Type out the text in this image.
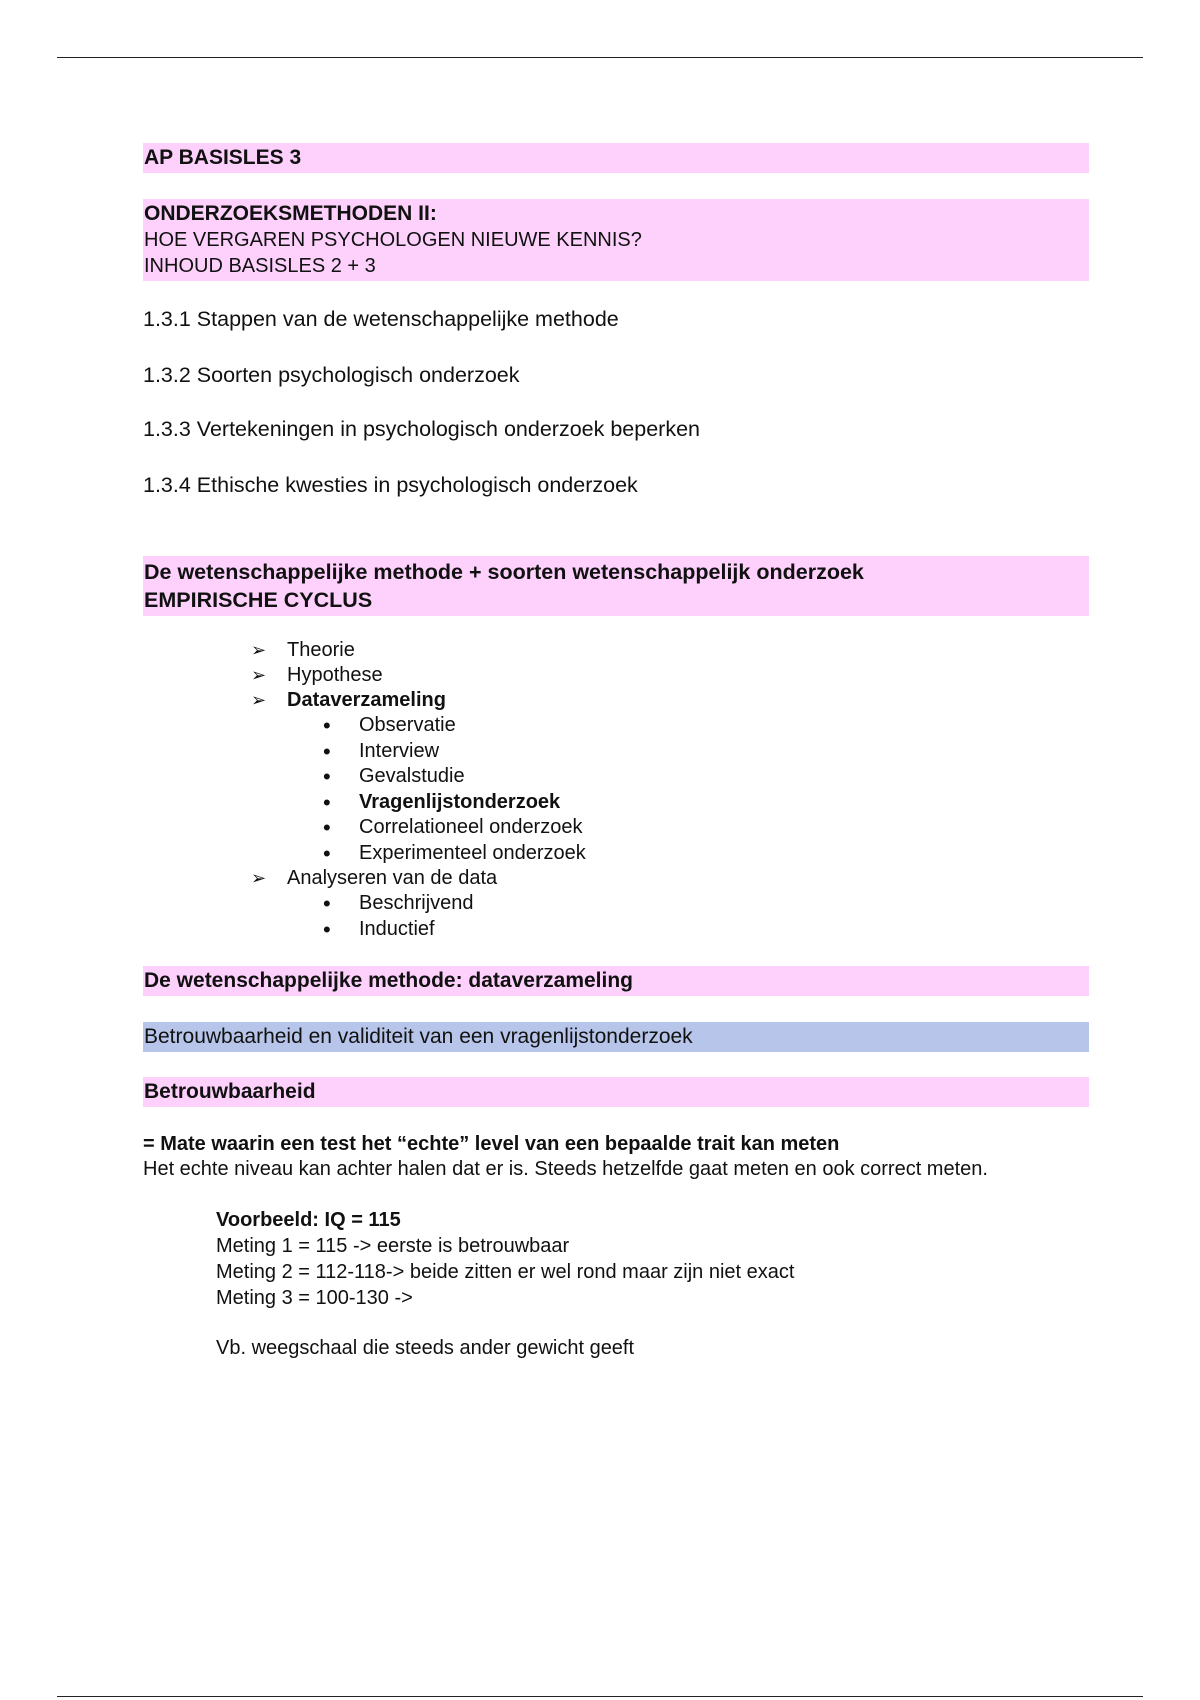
AP BASISLES 3
ONDERZOEKSMETHODEN II:
HOE VERGAREN PSYCHOLOGEN NIEUWE KENNIS?
INHOUD BASISLES 2 + 3
1.3.1 Stappen van de wetenschappelijke methode
1.3.2 Soorten psychologisch onderzoek
1.3.3 Vertekeningen in psychologisch onderzoek beperken
1.3.4 Ethische kwesties in psychologisch onderzoek
De wetenschappelijke methode + soorten wetenschappelijk onderzoek
EMPIRISCHE CYCLUS
➢ Theorie
➢ Hypothese
➢ Dataverzameling
• Observatie
• Interview
• Gevalstudie
• Vragenlijstonderzoek
• Correlationeel onderzoek
• Experimenteel onderzoek
➢ Analyseren van de data
• Beschrijvend
• Inductief
De wetenschappelijke methode: dataverzameling
Betrouwbaarheid en validiteit van een vragenlijstonderzoek
Betrouwbaarheid
= Mate waarin een test het “echte” level van een bepaalde trait kan meten
Het echte niveau kan achter halen dat er is. Steeds hetzelfde gaat meten en ook correct meten.
Voorbeeld: IQ = 115
Meting 1 = 115 -> eerste is betrouwbaar
Meting 2 = 112-118-> beide zitten er wel rond maar zijn niet exact
Meting 3 = 100-130 ->
Vb. weegschaal die steeds ander gewicht geeft
